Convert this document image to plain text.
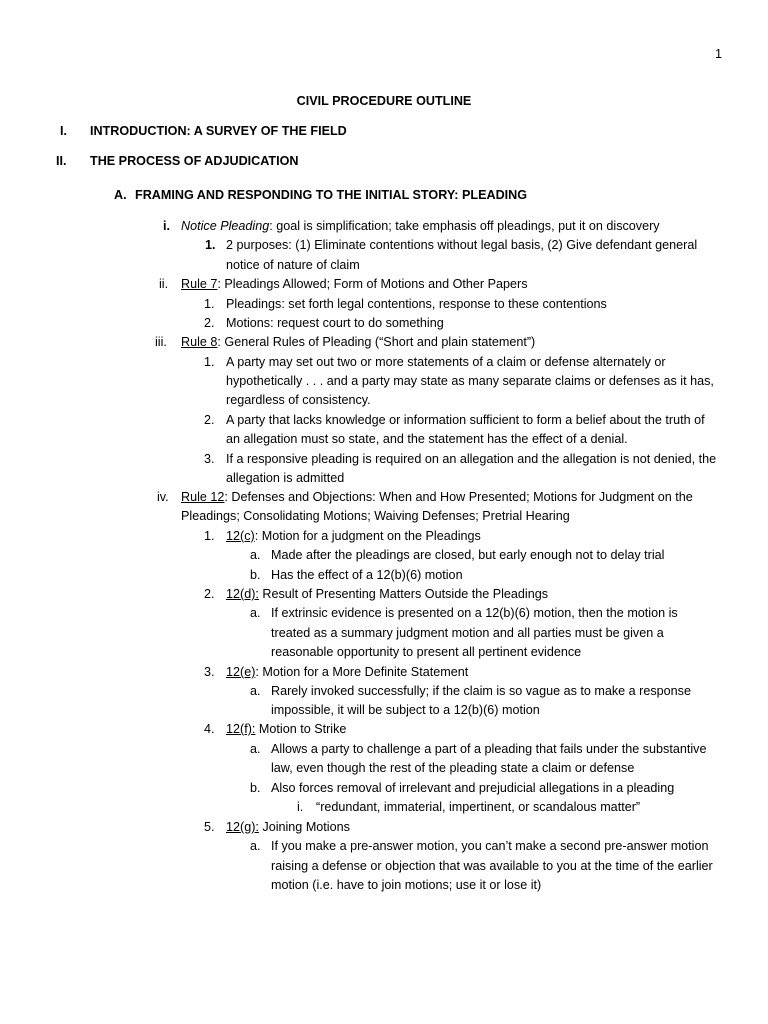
1
CIVIL PROCEDURE OUTLINE
I. INTRODUCTION: A SURVEY OF THE FIELD
II. THE PROCESS OF ADJUDICATION
A. FRAMING AND RESPONDING TO THE INITIAL STORY: PLEADING
i. Notice Pleading: goal is simplification; take emphasis off pleadings, put it on discovery
1. 2 purposes: (1) Eliminate contentions without legal basis, (2) Give defendant general
notice of nature of claim
ii. Rule 7: Pleadings Allowed; Form of Motions and Other Papers
1. Pleadings: set forth legal contentions, response to these contentions
2. Motions: request court to do something
iii. Rule 8: General Rules of Pleading (“Short and plain statement”)
1. A party may set out two or more statements of a claim or defense alternately or
hypothetically . . . and a party may state as many separate claims or defenses as it has,
regardless of consistency.
2. A party that lacks knowledge or information sufficient to form a belief about the truth of
an allegation must so state, and the statement has the effect of a denial.
3. If a responsive pleading is required on an allegation and the allegation is not denied, the
allegation is admitted
iv. Rule 12: Defenses and Objections: When and How Presented; Motions for Judgment on the
Pleadings; Consolidating Motions; Waiving Defenses; Pretrial Hearing
1. 12(c): Motion for a judgment on the Pleadings
a. Made after the pleadings are closed, but early enough not to delay trial
b. Has the effect of a 12(b)(6) motion
2. 12(d): Result of Presenting Matters Outside the Pleadings
a. If extrinsic evidence is presented on a 12(b)(6) motion, then the motion is
treated as a summary judgment motion and all parties must be given a
reasonable opportunity to present all pertinent evidence
3. 12(e): Motion for a More Definite Statement
a. Rarely invoked successfully; if the claim is so vague as to make a response
impossible, it will be subject to a 12(b)(6) motion
4. 12(f): Motion to Strike
a. Allows a party to challenge a part of a pleading that fails under the substantive
law, even though the rest of the pleading state a claim or defense
b. Also forces removal of irrelevant and prejudicial allegations in a pleading
i. “redundant, immaterial, impertinent, or scandalous matter”
5. 12(g): Joining Motions
a. If you make a pre-answer motion, you can’t make a second pre-answer motion
raising a defense or objection that was available to you at the time of the earlier
motion (i.e. have to join motions; use it or lose it)
